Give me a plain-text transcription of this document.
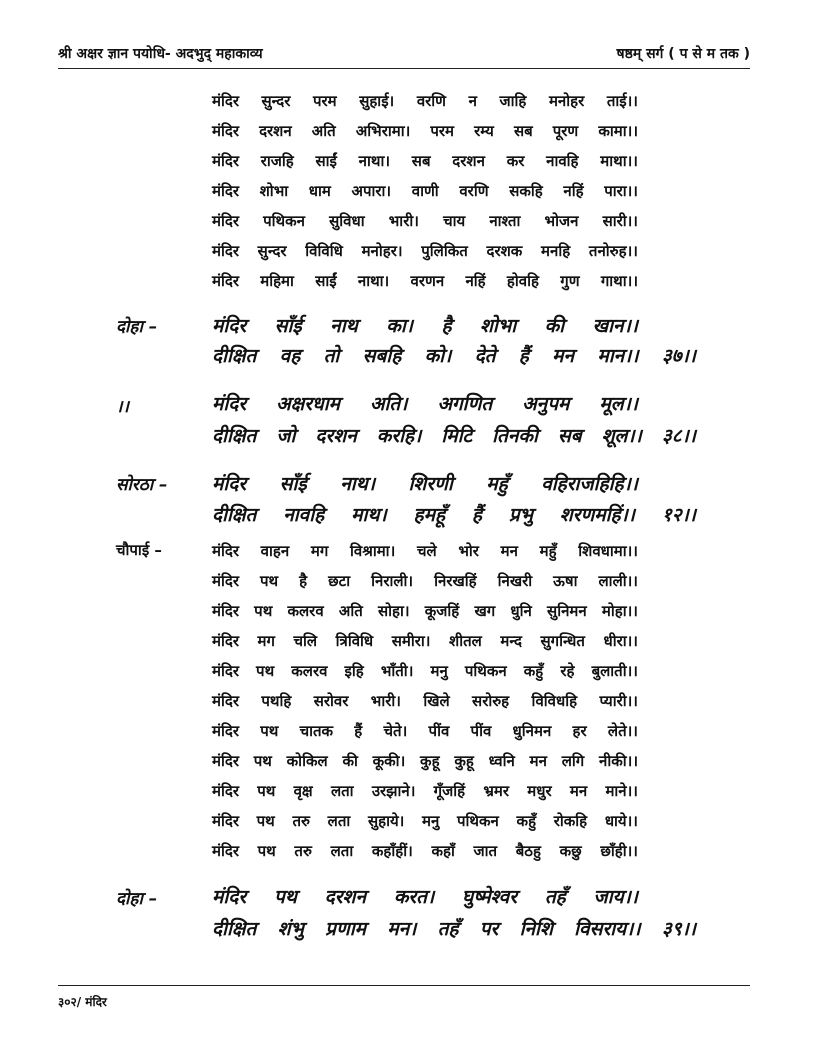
श्री अक्षर ज्ञान पयोधि- अदभुद् महाकाव्य	षष्ठम् सर्ग ( प से म तक )
मंदिर सुन्दर परम सुहाई। वरणि न जाहि मनोहर ताई।।
मंदिर दरशन अति अभिरामा। परम रम्य सब पूरण कामा।।
मंदिर राजहि साईं नाथा। सब दरशन कर नावहि माथा।।
मंदिर शोभा धाम अपारा। वाणी वरणि सकहि नहिं पारा।।
मंदिर पथिकन सुविधा भारी। चाय नाश्ता भोजन सारी।।
मंदिर सुन्दर विविधि मनोहर। पुलिकित दरशक मनहि तनोरुह।।
मंदिर महिमा साईं नाथा। वरणन नहिं होवहि गुण गाथा।।
दोहा –	मंदिर साँई नाथ का। है शोभा की खान।।
दीक्षित वह तो सबहि को। देते हैं मन मान।। ३७।।
।।	मंदिर अक्षरधाम अति। अगणित अनुपम मूल।।
दीक्षित जो दरशन करहि। मिटि तिनकी सब शूल।। ३८।।
सोरठा – मंदिर साँई नाथ। शिरणी महुँ वहिराजहिहि।।
दीक्षित नावहि माथ। हमहूँ हैं प्रभु शरणमहिं।। १२।।
चौपाई –	मंदिर वाहन मग विश्रामा। चले भोर मन महुँ शिवधामा।।
मंदिर पथ है छटा निराली। निरखहिं निखरी ऊषा लाली।।
मंदिर पथ कलरव अति सोहा। कूजहिं खग धुनि सुनिमन मोहा।।
मंदिर मग चलि त्रिविधि समीरा। शीतल मन्द सुगन्धित धीरा।।
मंदिर पथ कलरव इहि भाँती। मनु पथिकन कहुँ रहे बुलाती।।
मंदिर पथहि सरोवर भारी। खिले सरोरुह विविधहि प्यारी।।
मंदिर पथ चातक हैं चेते। पींव पींव धुनिमन हर लेते।।
मंदिर पथ कोकिल की कूकी। कुहू कुहू ध्वनि मन लगि नीकी।।
मंदिर पथ वृक्ष लता उरझाने। गूँजहिं भ्रमर मधुर मन माने।।
मंदिर पथ तरु लता सुहाये। मनु पथिकन कहुँ रोकहि धाये।।
मंदिर पथ तरु लता कहाँहीं। कहाँ जात बैठहु कछु छाँही।।
दोहा –	मंदिर पथ दरशन करत। घुष्मेश्वर तहँ जाय।।
दीक्षित शंभु प्रणाम मन। तहँ पर निशि विसराय।। ३९।।
३०२/ मंदिर
